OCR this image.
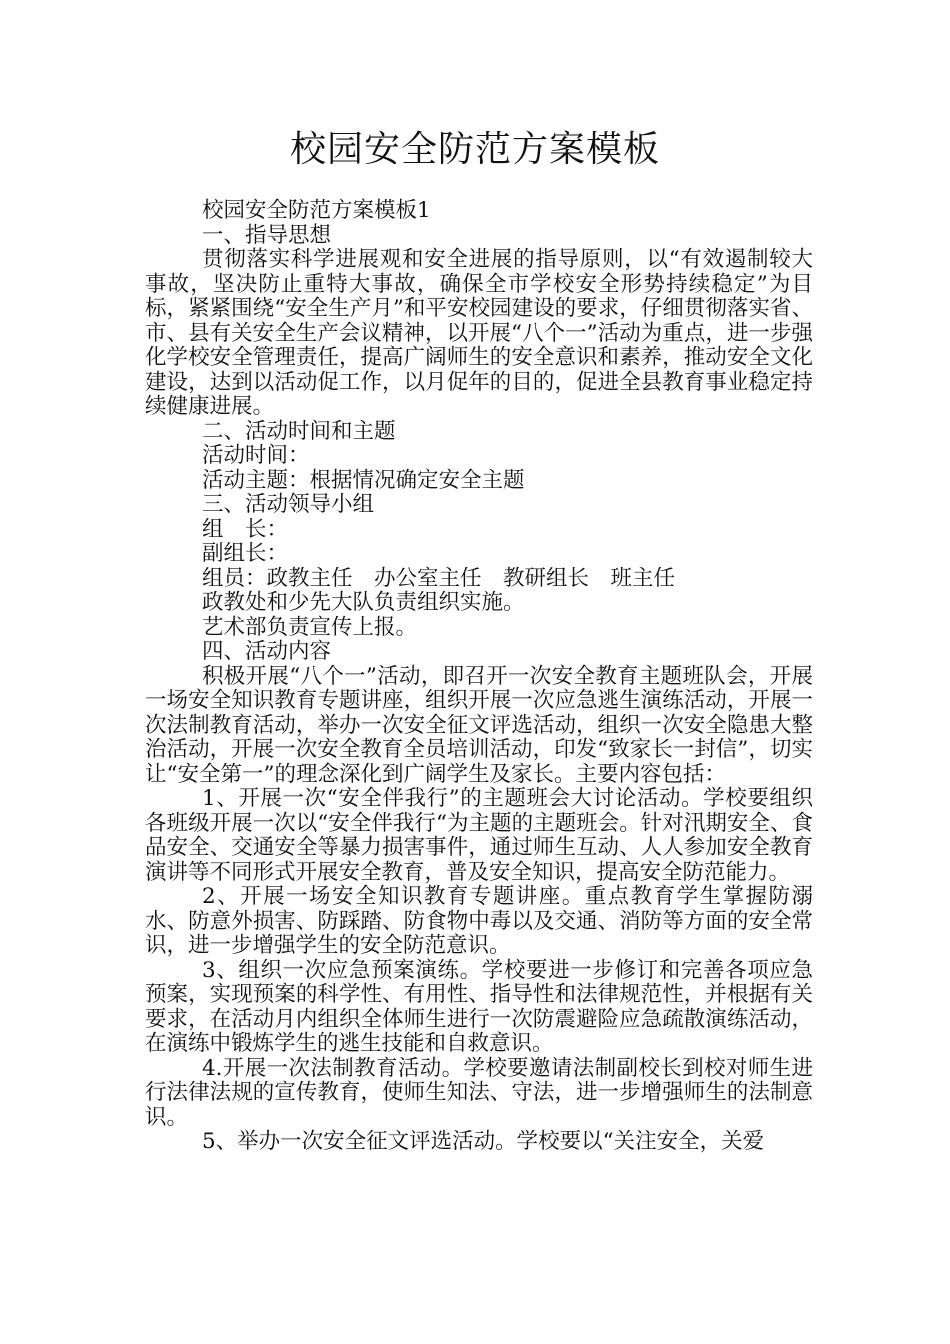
校园安全防范方案模板

校园安全防范方案模板1

一、指导思想

贯彻落实科学进展观和安全进展的指导原则，以“有效遏制较大事故，坚决防止重特大事故，确保全市学校安全形势持续稳定”为目标，紧紧围绕“安全生产月”和平安校园建设的要求，仔细贯彻落实省、市、县有关安全生产会议精神，以开展“八个一”活动为重点，进一步强化学校安全管理责任，提高广阔师生的安全意识和素养，推动安全文化建设，达到以活动促工作，以月促年的目的，促进全县教育事业稳定持续健康进展。

二、活动时间和主题

活动时间：

活动主题：根据情况确定安全主题

三、活动领导小组

组　长：

副组长：

组员：政教主任　办公室主任　教研组长　班主任

政教处和少先大队负责组织实施。

艺术部负责宣传上报。

四、活动内容

积极开展“八个一”活动，即召开一次安全教育主题班队会，开展一场安全知识教育专题讲座，组织开展一次应急逃生演练活动，开展一次法制教育活动，举办一次安全征文评选活动，组织一次安全隐患大整治活动，开展一次安全教育全员培训活动，印发“致家长一封信”，切实让“安全第一”的理念深化到广阔学生及家长。主要内容包括：

1、开展一次“安全伴我行”的主题班会大讨论活动。学校要组织各班级开展一次以“安全伴我行“为主题的主题班会。针对汛期安全、食品安全、交通安全等暴力损害事件，通过师生互动、人人参加安全教育演讲等不同形式开展安全教育，普及安全知识，提高安全防范能力。

2、开展一场安全知识教育专题讲座。重点教育学生掌握防溺水、防意外损害、防踩踏、防食物中毒以及交通、消防等方面的安全常识，进一步增强学生的安全防范意识。

3、组织一次应急预案演练。学校要进一步修订和完善各项应急预案，实现预案的科学性、有用性、指导性和法律规范性，并根据有关要求，在活动月内组织全体师生进行一次防震避险应急疏散演练活动，在演练中锻炼学生的逃生技能和自救意识。

4.开展一次法制教育活动。学校要邀请法制副校长到校对师生进行法律法规的宣传教育，使师生知法、守法，进一步增强师生的法制意识。

5、举办一次安全征文评选活动。学校要以“关注安全，关爱
